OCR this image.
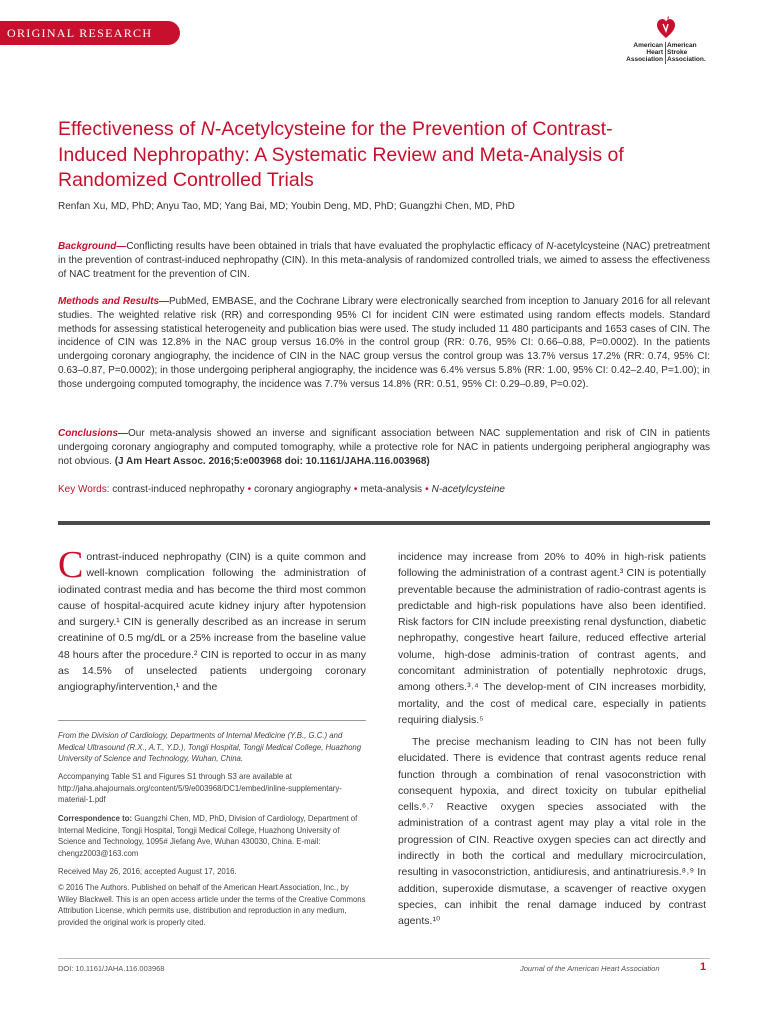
ORIGINAL RESEARCH
American
Heart
Association
American
Stroke
Association.
Effectiveness of N-Acetylcysteine for the Prevention of Contrast-Induced Nephropathy: A Systematic Review and Meta-Analysis of Randomized Controlled Trials
Renfan Xu, MD, PhD; Anyu Tao, MD; Yang Bai, MD; Youbin Deng, MD, PhD; Guangzhi Chen, MD, PhD

Background—Conflicting results have been obtained in trials that have evaluated the prophylactic efficacy of N-acetylcysteine (NAC) pretreatment in the prevention of contrast-induced nephropathy (CIN). In this meta-analysis of randomized controlled trials, we aimed to assess the effectiveness of NAC treatment for the prevention of CIN.

Methods and Results—PubMed, EMBASE, and the Cochrane Library were electronically searched from inception to January 2016 for all relevant studies. The weighted relative risk (RR) and corresponding 95% CI for incident CIN were estimated using random effects models. Standard methods for assessing statistical heterogeneity and publication bias were used. The study included 11 480 participants and 1653 cases of CIN. The incidence of CIN was 12.8% in the NAC group versus 16.0% in the control group (RR: 0.76, 95% CI: 0.66–0.88, P=0.0002). In the patients undergoing coronary angiography, the incidence of CIN in the NAC group versus the control group was 13.7% versus 17.2% (RR: 0.74, 95% CI: 0.63–0.87, P=0.0002); in those undergoing peripheral angiography, the incidence was 6.4% versus 5.8% (RR: 1.00, 95% CI: 0.42–2.40, P=1.00); in those undergoing computed tomography, the incidence was 7.7% versus 14.8% (RR: 0.51, 95% CI: 0.29–0.89, P=0.02).

Conclusions—Our meta-analysis showed an inverse and significant association between NAC supplementation and risk of CIN in patients undergoing coronary angiography and computed tomography, while a protective role for NAC in patients undergoing peripheral angiography was not obvious. (J Am Heart Assoc. 2016;5:e003968 doi: 10.1161/JAHA.116.003968)

Key Words: contrast-induced nephropathy • coronary angiography • meta-analysis • N-acetylcysteine

Contrast-induced nephropathy (CIN) is a quite common and well-known complication following the administration of iodinated contrast media and has become the third most common cause of hospital-acquired acute kidney injury after hypotension and surgery.¹ CIN is generally described as an increase in serum creatinine of 0.5 mg/dL or a 25% increase from the baseline value 48 hours after the procedure.² CIN is reported to occur in as many as 14.5% of unselected patients undergoing coronary angiography/intervention,¹ and the

From the Division of Cardiology, Departments of Internal Medicine (Y.B., G.C.) and Medical Ultrasound (R.X., A.T., Y.D.), Tongji Hospital, Tongji Medical College, Huazhong University of Science and Technology, Wuhan, China.

Accompanying Table S1 and Figures S1 through S3 are available at http://jaha.ahajournals.org/content/5/9/e003968/DC1/embed/inline-supplementary-material-1.pdf

Correspondence to: Guangzhi Chen, MD, PhD, Division of Cardiology, Department of Internal Medicine, Tongji Hospital, Tongji Medical College, Huazhong University of Science and Technology, 1095# Jiefang Ave, Wuhan 430030, China. E-mail: chengz2003@163.com

Received May 26, 2016; accepted August 17, 2016.

© 2016 The Authors. Published on behalf of the American Heart Association, Inc., by Wiley Blackwell. This is an open access article under the terms of the Creative Commons Attribution License, which permits use, distribution and reproduction in any medium, provided the original work is properly cited.

incidence may increase from 20% to 40% in high-risk patients following the administration of a contrast agent.³ CIN is potentially preventable because the administration of radio-contrast agents is predictable and high-risk populations have also been identified. Risk factors for CIN include preexisting renal dysfunction, diabetic nephropathy, congestive heart failure, reduced effective arterial volume, high-dose adminis-tration of contrast agents, and concomitant administration of potentially nephrotoxic drugs, among others.³˒⁴ The develop-ment of CIN increases morbidity, mortality, and the cost of medical care, especially in patients requiring dialysis.⁵

The precise mechanism leading to CIN has not been fully elucidated. There is evidence that contrast agents reduce renal function through a combination of renal vasoconstriction with consequent hypoxia, and direct toxicity on tubular epithelial cells.⁶˒⁷ Reactive oxygen species associated with the administration of a contrast agent may play a vital role in the progression of CIN. Reactive oxygen species can act directly and indirectly in both the cortical and medullary microcirculation, resulting in vasoconstriction, antidiuresis, and antinatriuresis.⁸˒⁹ In addition, superoxide dismutase, a scavenger of reactive oxygen species, can inhibit the renal damage induced by contrast agents.¹⁰

DOI: 10.1161/JAHA.116.003968	Journal of the American Heart Association	1
